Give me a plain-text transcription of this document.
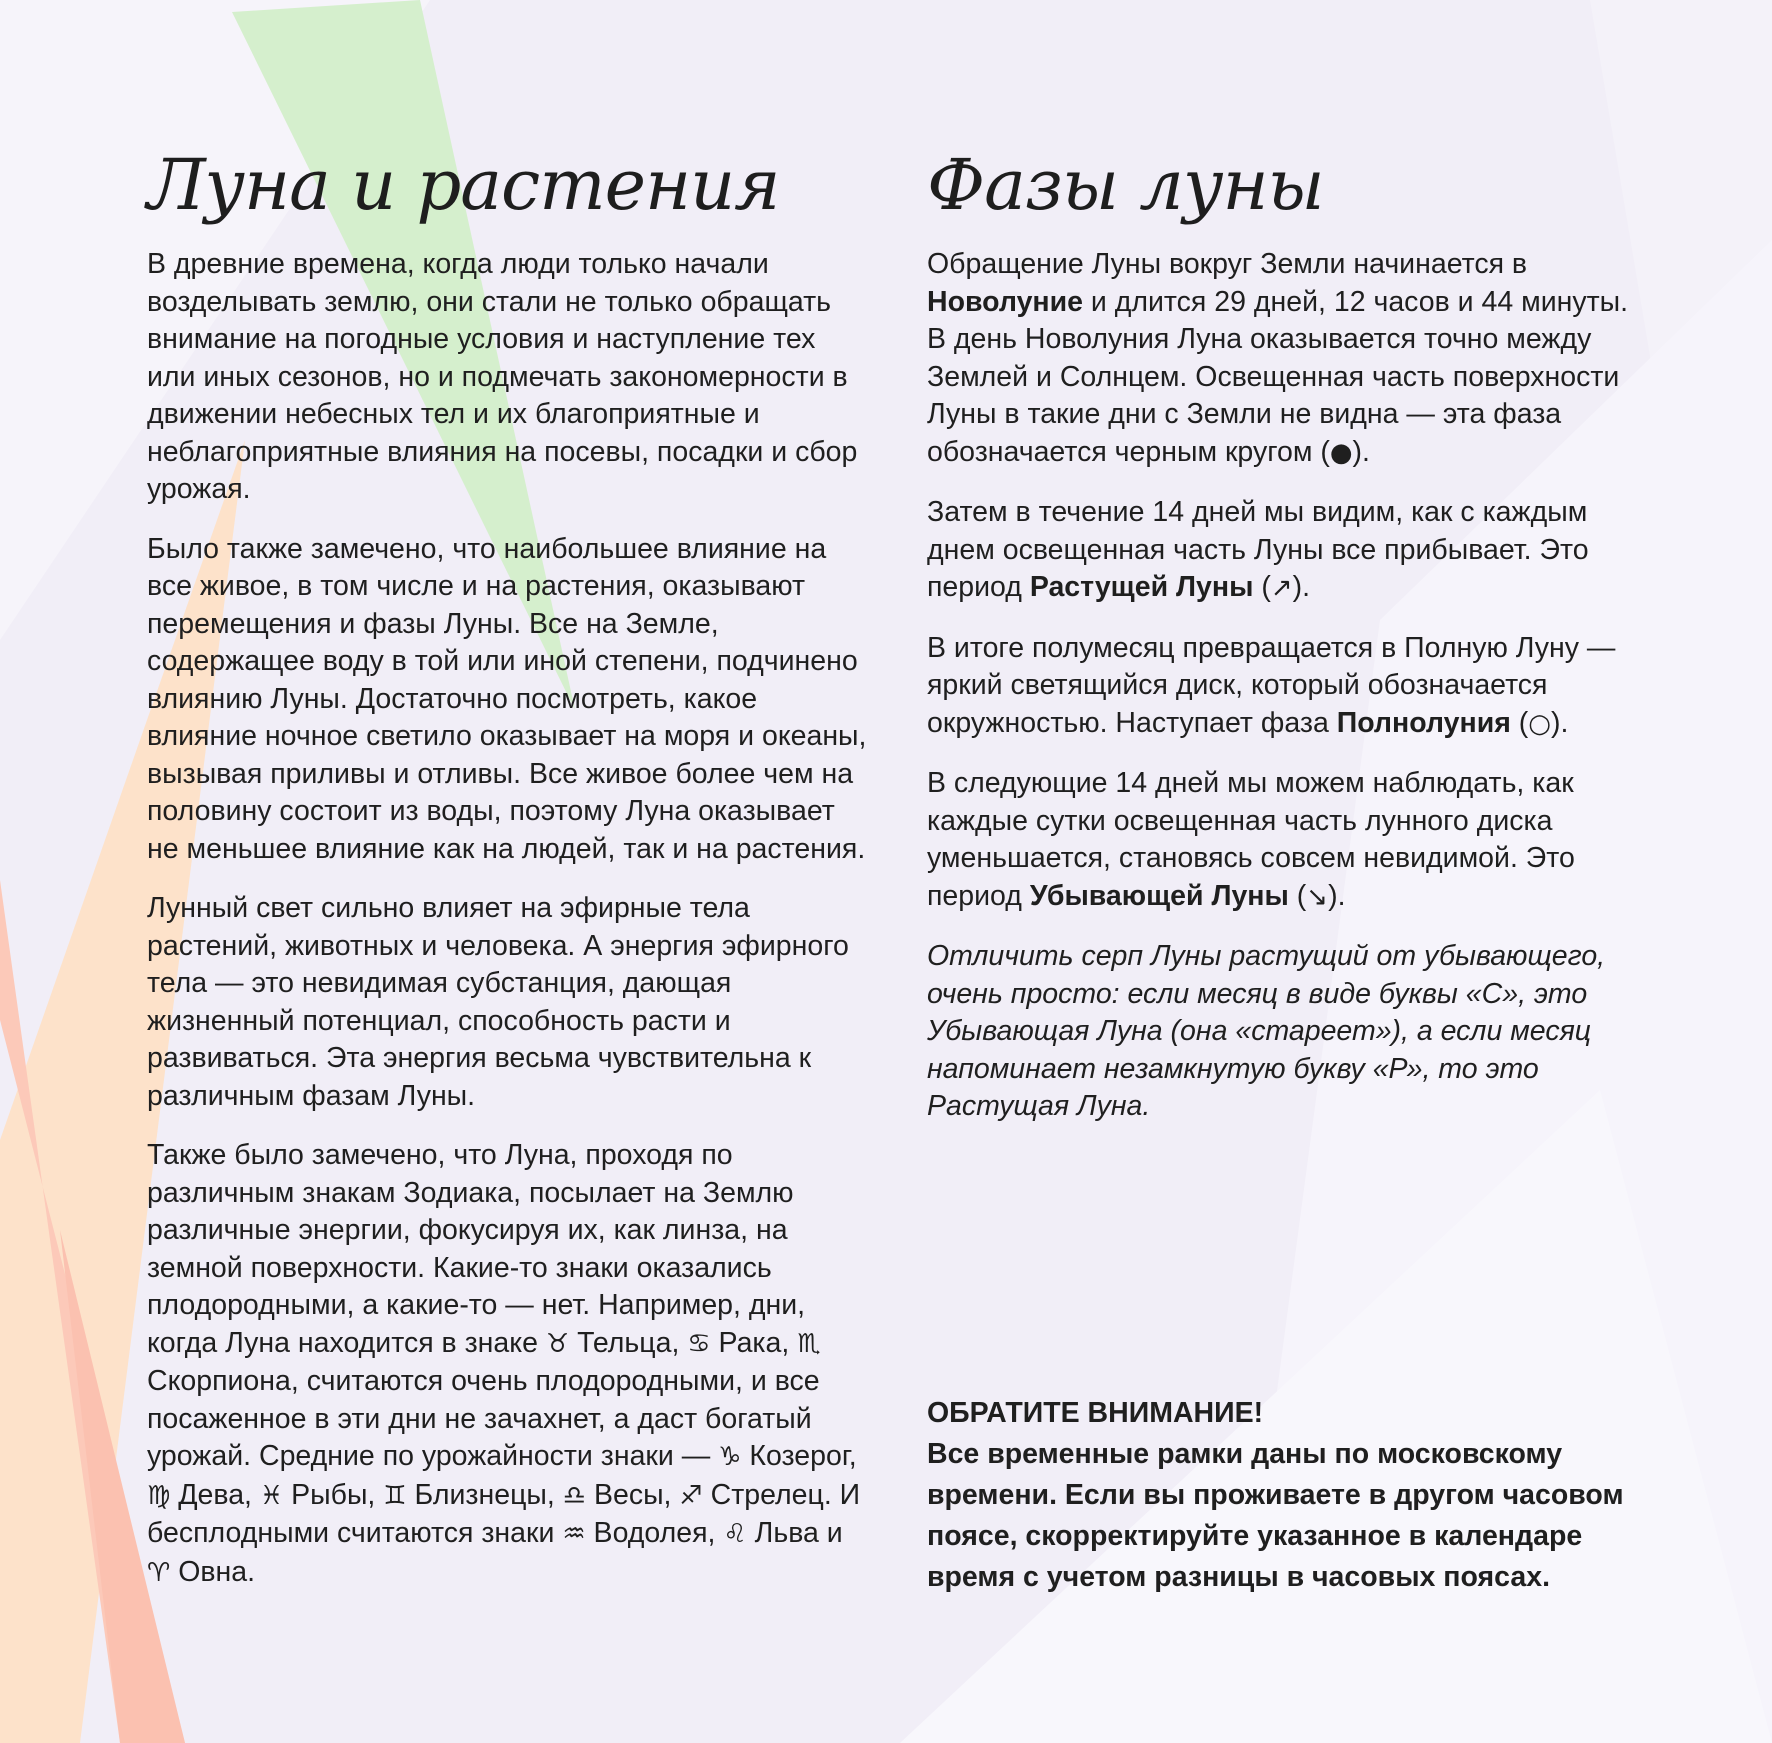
Луна и растения

В древние времена, когда люди только начали возделывать землю, они стали не только обращать внимание на погодные условия и наступление тех или иных сезонов, но и подмечать закономерности в движении небесных тел и их благоприятные и неблагоприятные влияния на посевы, посадки и сбор урожая.

Было также замечено, что наибольшее влияние на все живое, в том числе и на растения, оказывают перемещения и фазы Луны. Все на Земле, содержащее воду в той или иной степени, подчинено влиянию Луны. Достаточно посмотреть, какое влияние ночное светило оказывает на моря и океаны, вызывая приливы и отливы. Все живое более чем на половину состоит из воды, поэтому Луна оказывает не меньшее влияние как на людей, так и на растения.

Лунный свет сильно влияет на эфирные тела растений, животных и человека. А энергия эфирного тела — это невидимая субстанция, дающая жизненный потенциал, способность расти и развиваться. Эта энергия весьма чувствительна к различным фазам Луны.

Также было замечено, что Луна, проходя по различным знакам Зодиака, посылает на Землю различные энергии, фокусируя их, как линза, на земной поверхности. Какие-то знаки оказались плодородными, а какие-то — нет. Например, дни, когда Луна находится в знаке ♉ Тельца, ♋ Рака, ♏ Скорпиона, считаются очень плодородными, и все посаженное в эти дни не зачахнет, а даст богатый урожай. Средние по урожайности знаки — ♑ Козерог, ♍ Дева, ♓ Рыбы, ♊ Близнецы, ♎ Весы, ♐ Стрелец. И бесплодными считаются знаки ♒ Водолея, ♌ Льва и ♈ Овна.

Фазы луны

Обращение Луны вокруг Земли начинается в Новолуние и длится 29 дней, 12 часов и 44 минуты. В день Новолуния Луна оказывается точно между Землей и Солнцем. Освещенная часть поверхности Луны в такие дни с Земли не видна — эта фаза обозначается черным кругом (●).

Затем в течение 14 дней мы видим, как с каждым днем освещенная часть Луны все прибывает. Это период Растущей Луны (↗).

В итоге полумесяц превращается в Полную Луну — яркий светящийся диск, который обозначается окружностью. Наступает фаза Полнолуния (○).

В следующие 14 дней мы можем наблюдать, как каждые сутки освещенная часть лунного диска уменьшается, становясь совсем невидимой. Это период Убывающей Луны (↘).

Отличить серп Луны растущий от убывающего, очень просто: если месяц в виде буквы «С», это Убывающая Луна (она «стареет»), а если месяц напоминает незамкнутую букву «Р», то это Растущая Луна.

ОБРАТИТЕ ВНИМАНИЕ!
Все временные рамки даны по московскому времени. Если вы проживаете в другом часовом поясе, скорректируйте указанное в календаре время с учетом разницы в часовых поясах.
